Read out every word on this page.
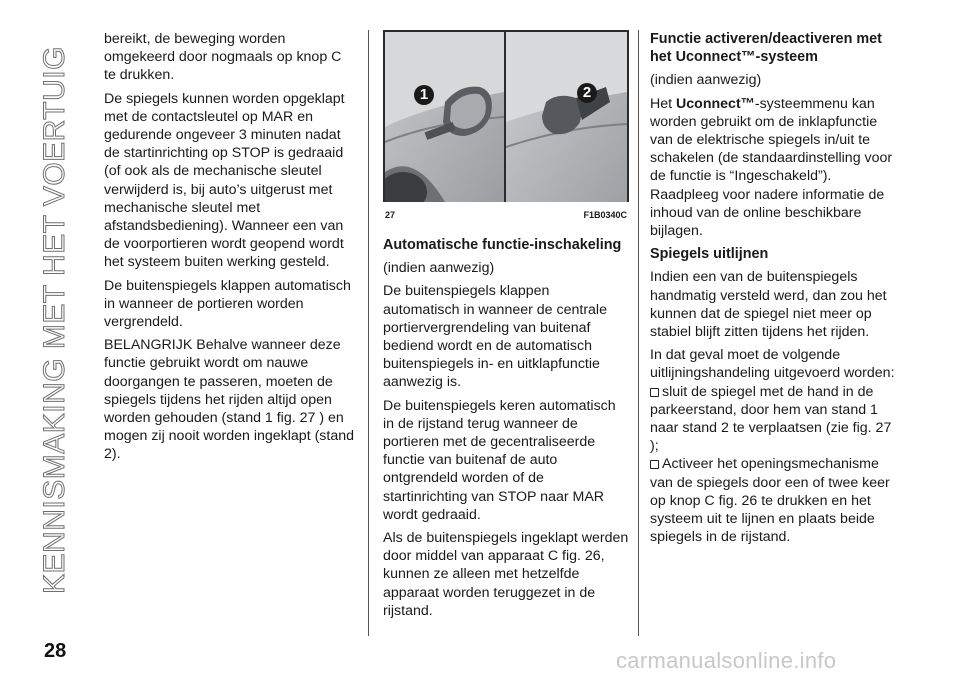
KENNISMAKING MET HET VOERTUIG

bereikt, de beweging worden omgekeerd door nogmaals op knop C te drukken.

De spiegels kunnen worden opgeklapt met de contactsleutel op MAR en gedurende ongeveer 3 minuten nadat de startinrichting op STOP is gedraaid (of ook als de mechanische sleutel verwijderd is, bij auto’s uitgerust met mechanische sleutel met afstandsbediening). Wanneer een van de voorportieren wordt geopend wordt het systeem buiten werking gesteld.

De buitenspiegels klappen automatisch in wanneer de portieren worden vergrendeld.

BELANGRIJK Behalve wanneer deze functie gebruikt wordt om nauwe doorgangen te passeren, moeten de spiegels tijdens het rijden altijd open worden gehouden (stand 1 fig. 27 ) en mogen zij nooit worden ingeklapt (stand 2).

1	2
27	F1B0340C

Automatische functie-inschakeling

(indien aanwezig)

De buitenspiegels klappen automatisch in wanneer de centrale portiervergrendeling van buitenaf bediend wordt en de automatisch buitenspiegels in- en uitklapfunctie aanwezig is.

De buitenspiegels keren automatisch in de rijstand terug wanneer de portieren met de gecentraliseerde functie van buitenaf de auto ontgrendeld worden of de startinrichting van STOP naar MAR wordt gedraaid.

Als de buitenspiegels ingeklapt werden door middel van apparaat C fig. 26, kunnen ze alleen met hetzelfde apparaat worden teruggezet in de rijstand.

Functie activeren/deactiveren met het Uconnect™-systeem

(indien aanwezig)

Het Uconnect™-systeemmenu kan worden gebruikt om de inklapfunctie van de elektrische spiegels in/uit te schakelen (de standaardinstelling voor de functie is “Ingeschakeld”). Raadpleeg voor nadere informatie de inhoud van de online beschikbare bijlagen.

Spiegels uitlijnen

Indien een van de buitenspiegels handmatig versteld werd, dan zou het kunnen dat de spiegel niet meer op stabiel blijft zitten tijdens het rijden.

In dat geval moet de volgende uitlijningshandeling uitgevoerd worden:

sluit de spiegel met de hand in de parkeerstand, door hem van stand 1 naar stand 2 te verplaatsen (zie fig. 27 );

Activeer het openingsmechanisme van de spiegels door een of twee keer op knop C fig. 26 te drukken en het systeem uit te lijnen en plaats beide spiegels in de rijstand.

28	carmanualsonline.info
